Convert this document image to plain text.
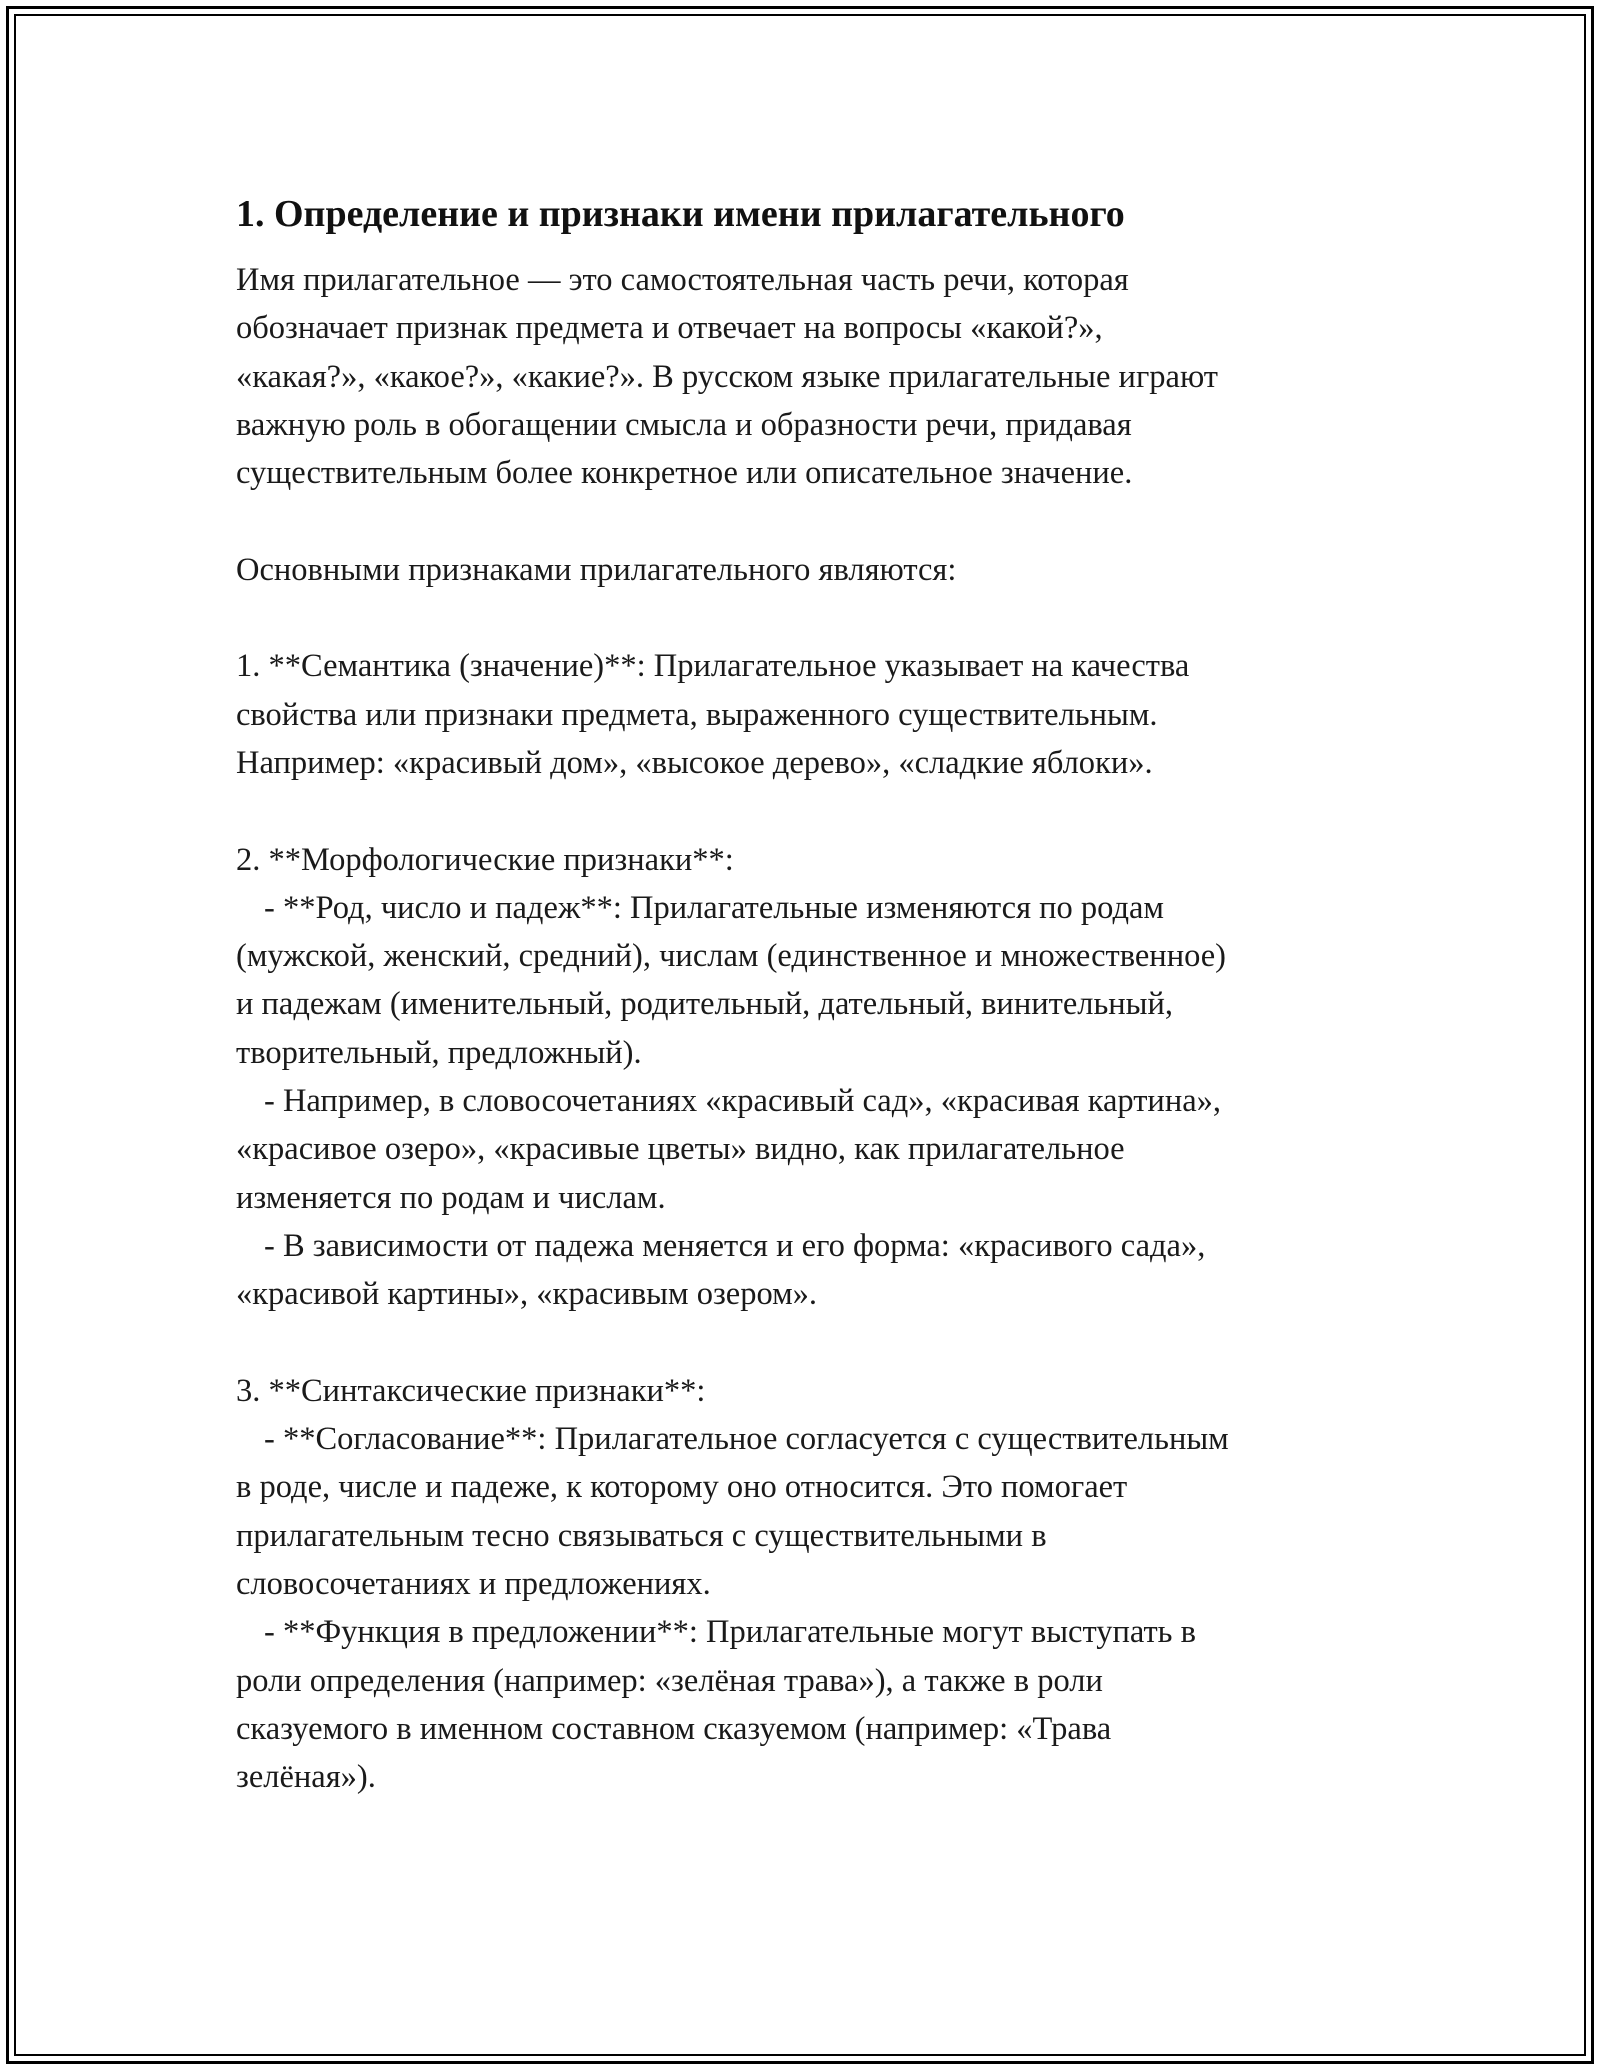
1. Определение и признаки имени прилагательного

Имя прилагательное — это самостоятельная часть речи, которая
обозначает признак предмета и отвечает на вопросы «какой?»,
«какая?», «какое?», «какие?». В русском языке прилагательные играют
важную роль в обогащении смысла и образности речи, придавая
существительным более конкретное или описательное значение.

Основными признаками прилагательного являются:

1. **Семантика (значение)**: Прилагательное указывает на качества
свойства или признаки предмета, выраженного существительным.
Например: «красивый дом», «высокое дерево», «сладкие яблоки».

2. **Морфологические признаки**:

- **Род, число и падеж**: Прилагательные изменяются по родам
(мужской, женский, средний), числам (единственное и множественное)
и падежам (именительный, родительный, дательный, винительный,
творительный, предложный).

- Например, в словосочетаниях «красивый сад», «красивая картина»,
«красивое озеро», «красивые цветы» видно, как прилагательное
изменяется по родам и числам.

- В зависимости от падежа меняется и его форма: «красивого сада»,
«красивой картины», «красивым озером».

3. **Синтаксические признаки**:

- **Согласование**: Прилагательное согласуется с существительным
в роде, числе и падеже, к которому оно относится. Это помогает
прилагательным тесно связываться с существительными в
словосочетаниях и предложениях.

- **Функция в предложении**: Прилагательные могут выступать в
роли определения (например: «зелёная трава»), а также в роли
сказуемого в именном составном сказуемом (например: «Трава
зелёная»).
